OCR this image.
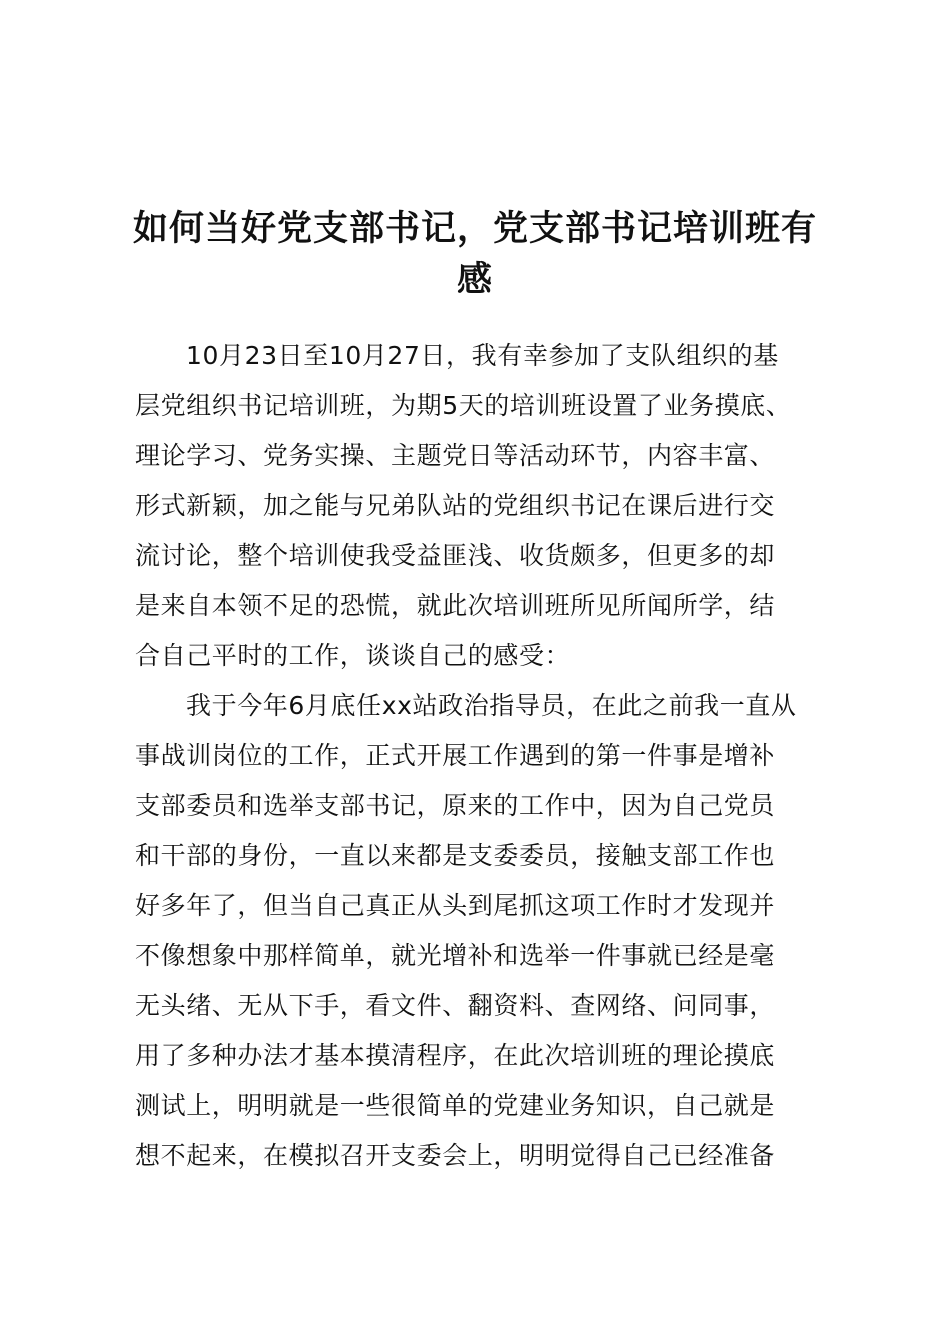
如何当好党支部书记，党支部书记培训班有感
10月23日至10月27日，我有幸参加了支队组织的基
层党组织书记培训班，为期5天的培训班设置了业务摸底、
理论学习、党务实操、主题党日等活动环节，内容丰富、
形式新颖，加之能与兄弟队站的党组织书记在课后进行交
流讨论，整个培训使我受益匪浅、收货颇多，但更多的却
是来自本领不足的恐慌，就此次培训班所见所闻所学，结
合自己平时的工作，谈谈自己的感受：
我于今年6月底任xx站政治指导员，在此之前我一直从
事战训岗位的工作，正式开展工作遇到的第一件事是增补
支部委员和选举支部书记，原来的工作中，因为自己党员
和干部的身份，一直以来都是支委委员，接触支部工作也
好多年了，但当自己真正从头到尾抓这项工作时才发现并
不像想象中那样简单，就光增补和选举一件事就已经是毫
无头绪、无从下手，看文件、翻资料、查网络、问同事，
用了多种办法才基本摸清程序，在此次培训班的理论摸底
测试上，明明就是一些很简单的党建业务知识，自己就是
想不起来，在模拟召开支委会上，明明觉得自己已经准备
